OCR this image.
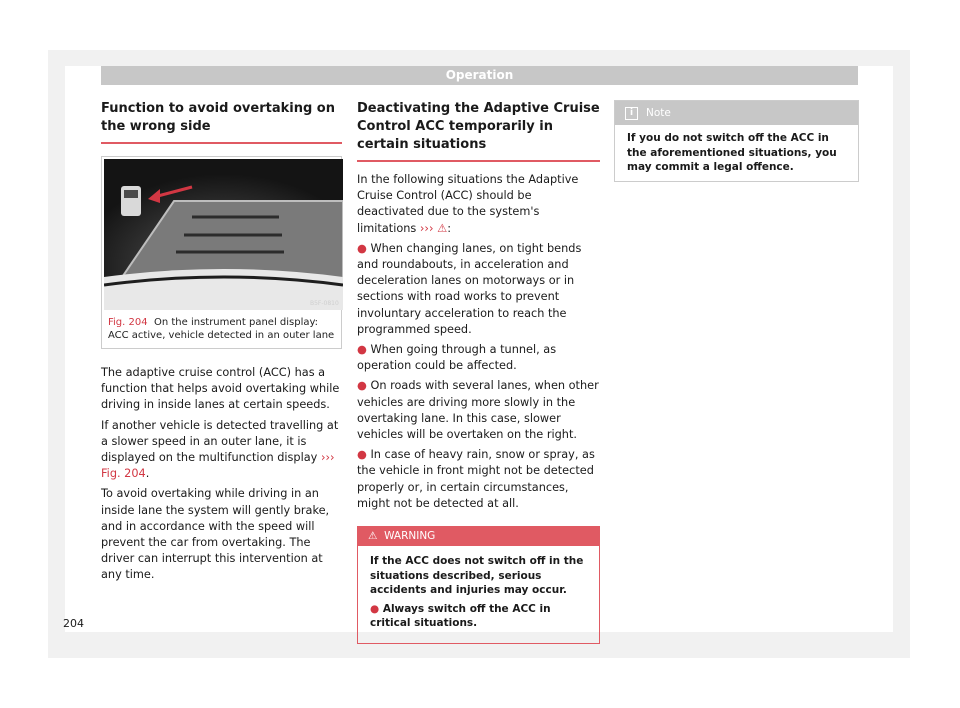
Operation
Function to avoid overtaking on the wrong side
B5F-0810
Fig. 204 On the instrument panel display: ACC active, vehicle detected in an outer lane

The adaptive cruise control (ACC) has a function that helps avoid overtaking while driving in inside lanes at certain speeds.

If another vehicle is detected travelling at a slower speed in an outer lane, it is displayed on the multifunction display ››› Fig. 204.

To avoid overtaking while driving in an inside lane the system will gently brake, and in accordance with the speed will prevent the car from overtaking. The driver can interrupt this intervention at any time.

Deactivating the Adaptive Cruise Control ACC temporarily in certain situations

In the following situations the Adaptive Cruise Control (ACC) should be deactivated due to the system's limitations ››› ⚠:

● When changing lanes, on tight bends and roundabouts, in acceleration and deceleration lanes on motorways or in sections with road works to prevent involuntary acceleration to reach the programmed speed.

● When going through a tunnel, as operation could be affected.

● On roads with several lanes, when other vehicles are driving more slowly in the overtaking lane. In this case, slower vehicles will be overtaken on the right.

● In case of heavy rain, snow or spray, as the vehicle in front might not be detected properly or, in certain circumstances, might not be detected at all.

⚠  WARNING

If the ACC does not switch off in the situations described, serious accidents and injuries may occur.

● Always switch off the ACC in critical situations.

i Note
If you do not switch off the ACC in the aforementioned situations, you may commit a legal offence.
204
